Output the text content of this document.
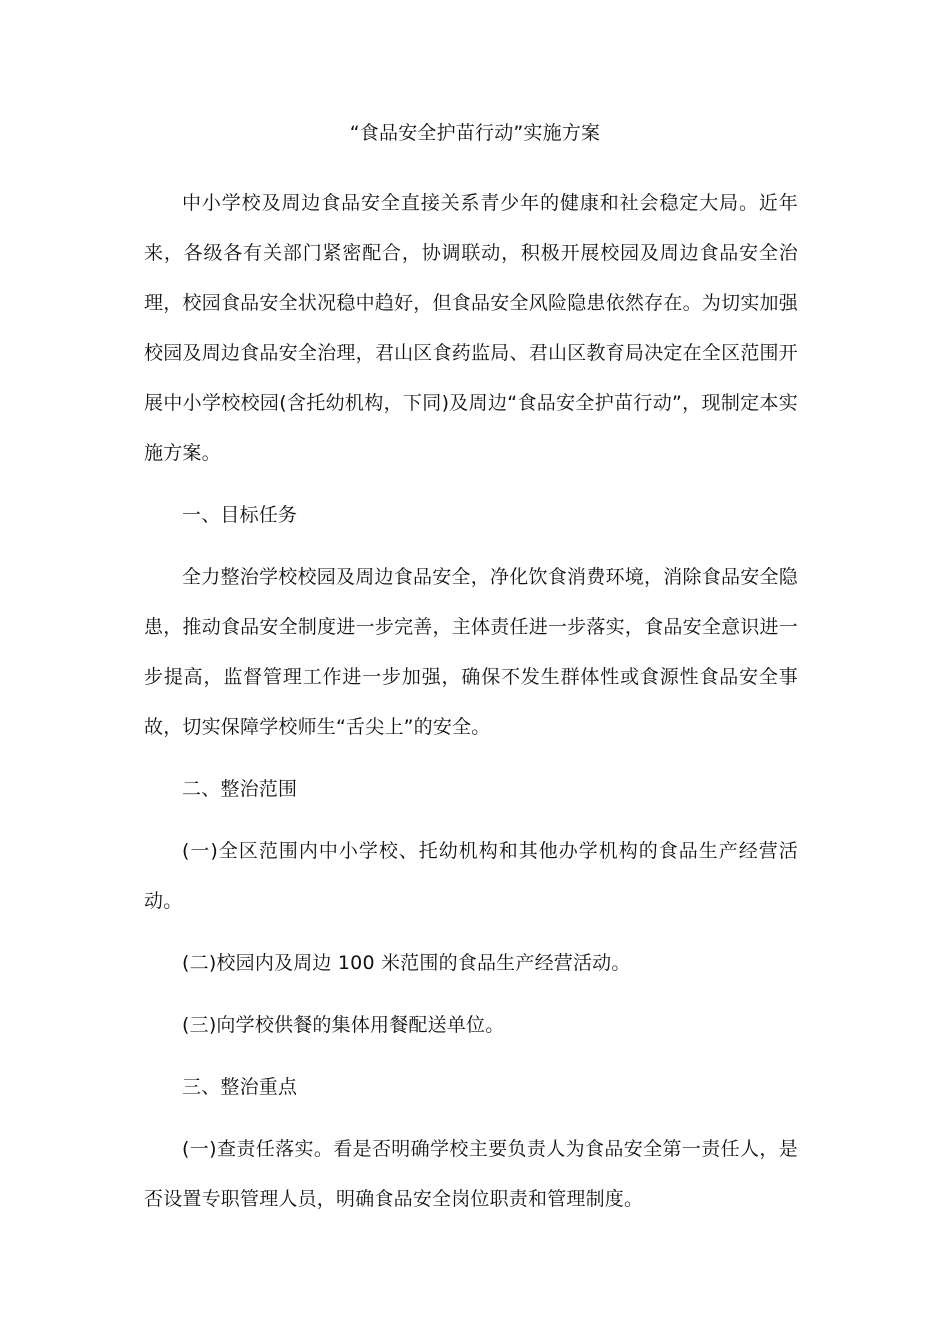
“食品安全护苗行动”实施方案

中小学校及周边食品安全直接关系青少年的健康和社会稳定大局。近年来，各级各有关部门紧密配合，协调联动，积极开展校园及周边食品安全治理，校园食品安全状况稳中趋好，但食品安全风险隐患依然存在。为切实加强校园及周边食品安全治理，君山区食药监局、君山区教育局决定在全区范围开展中小学校校园(含托幼机构，下同)及周边“食品安全护苗行动”，现制定本实施方案。

一、目标任务

全力整治学校校园及周边食品安全，净化饮食消费环境，消除食品安全隐患，推动食品安全制度进一步完善，主体责任进一步落实，食品安全意识进一步提高，监督管理工作进一步加强，确保不发生群体性或食源性食品安全事故，切实保障学校师生“舌尖上”的安全。

二、整治范围

(一)全区范围内中小学校、托幼机构和其他办学机构的食品生产经营活动。

(二)校园内及周边 100 米范围的食品生产经营活动。

(三)向学校供餐的集体用餐配送单位。

三、整治重点

(一)查责任落实。看是否明确学校主要负责人为食品安全第一责任人，是否设置专职管理人员，明确食品安全岗位职责和管理制度。
